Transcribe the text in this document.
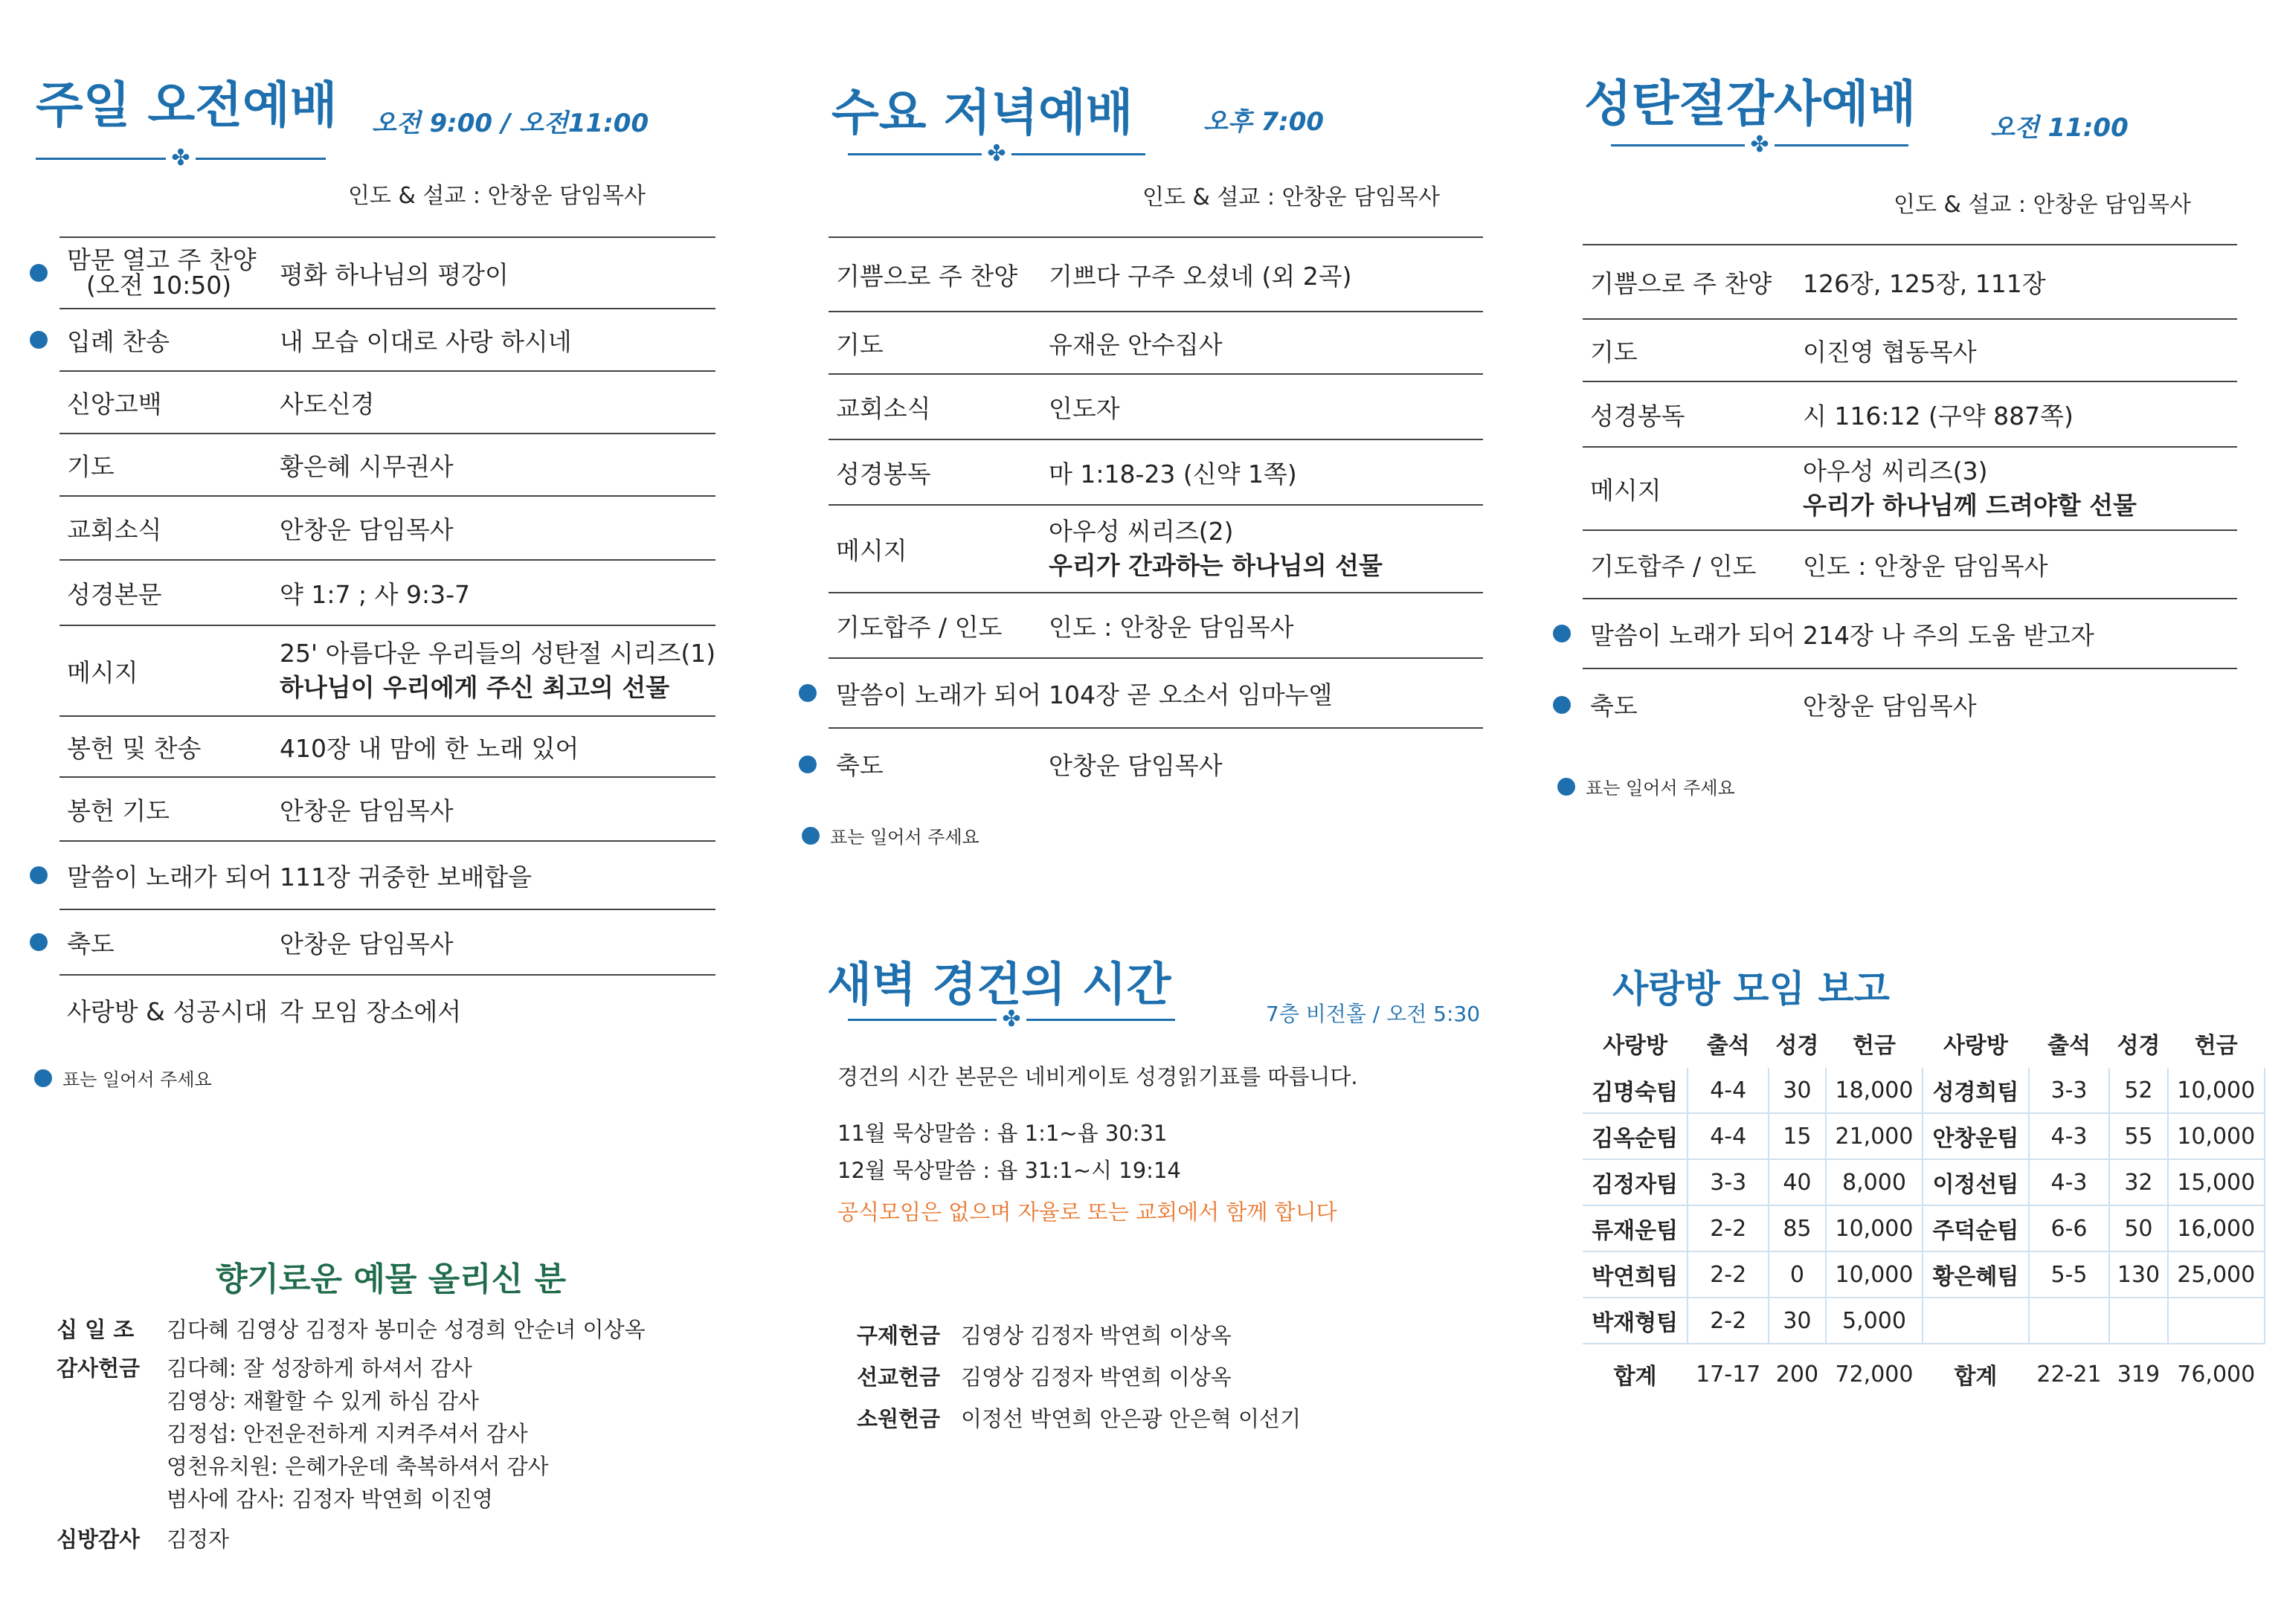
주일 오전예배 오전 9:00 / 오전11:00
✤
인도 & 설교 : 안창운 담임목사
맘문 열고 주 찬양
(오전 10:50)	평화 하나님의 평강이

입례 찬송	내 모습 이대로 사랑 하시네
신앙고백	사도신경
기도	황은혜 시무권사
교회소식	안창운 담임목사
성경본문	약 1:7 ; 사 9:3-7
메시지	25' 아름다운 우리들의 성탄절 시리즈(1)
하나님이 우리에게 주신 최고의 선물
봉헌 및 찬송	410장 내 맘에 한 노래 있어
봉헌 기도	안창운 담임목사

말씀이 노래가 되어	111장 귀중한 보배합을

축도	안창운 담임목사
사랑방 & 성공시대	각 모임 장소에서
표는 일어서 주세요
수요 저녁예배	오후 7:00
✤
인도 & 설교 : 안창운 담임목사
기쁨으로 주 찬양	기쁘다 구주 오셨네 (외 2곡)
기도	유재운 안수집사
교회소식	인도자
성경봉독	마 1:18-23 (신약 1쪽)
메시지	아우성 씨리즈(2)
우리가 간과하는 하나님의 선물
기도합주 / 인도	인도 : 안창운 담임목사

말씀이 노래가 되어	104장 곧 오소서 임마누엘

축도	안창운 담임목사
표는 일어서 주세요
성탄절감사예배	오전 11:00
✤
인도 & 설교 : 안창운 담임목사
기쁨으로 주 찬양	126장, 125장, 111장
기도	이진영 협동목사
성경봉독	시 116:12 (구약 887쪽)
메시지	아우성 씨리즈(3)
우리가 하나님께 드려야할 선물
기도합주 / 인도	인도 : 안창운 담임목사

말씀이 노래가 되어	214장 나 주의 도움 받고자

축도	안창운 담임목사
표는 일어서 주세요
새벽 경건의 시간
✤	7층 비전홀 / 오전 5:30
경건의 시간 본문은 네비게이토 성경읽기표를 따릅니다.
11월 묵상말씀 : 욥 1:1~욥 30:31
12월 묵상말씀 : 욥 31:1~시 19:14
공식모임은 없으며 자율로 또는 교회에서 함께 합니다
향기로운 예물 올리신 분
십 일 조	김다혜 김영상 김정자 봉미순 성경희 안순녀 이상옥
감사헌금	김다혜: 잘 성장하게 하셔서 감사
김영상: 재활할 수 있게 하심 감사
김정섭: 안전운전하게 지켜주셔서 감사
영천유치원: 은혜가운데 축복하셔서 감사
범사에 감사: 김정자 박연희 이진영
심방감사	김정자
구제헌금 김영상 김정자 박연희 이상옥
선교헌금 김영상 김정자 박연희 이상옥
소원헌금 이정선 박연희 안은광 안은혁 이선기
사랑방 모임 보고
사랑방	출석	성경	헌금	사랑방	출석	성경	헌금
김명숙팀	4-4	30	18,000	성경희팀	3-3	52	10,000
김옥순팀	4-4	15	21,000	안창운팀	4-3	55	10,000
김정자팀	3-3	40	8,000	이정선팀	4-3	32	15,000
류재운팀	2-2	85	10,000	주덕순팀	6-6	50	16,000
박연희팀	2-2	0	10,000	황은혜팀	5-5	130	25,000
박재형팀	2-2	30	5,000				
합계	17-17	200	72,000	합계	22-21	319	76,000
